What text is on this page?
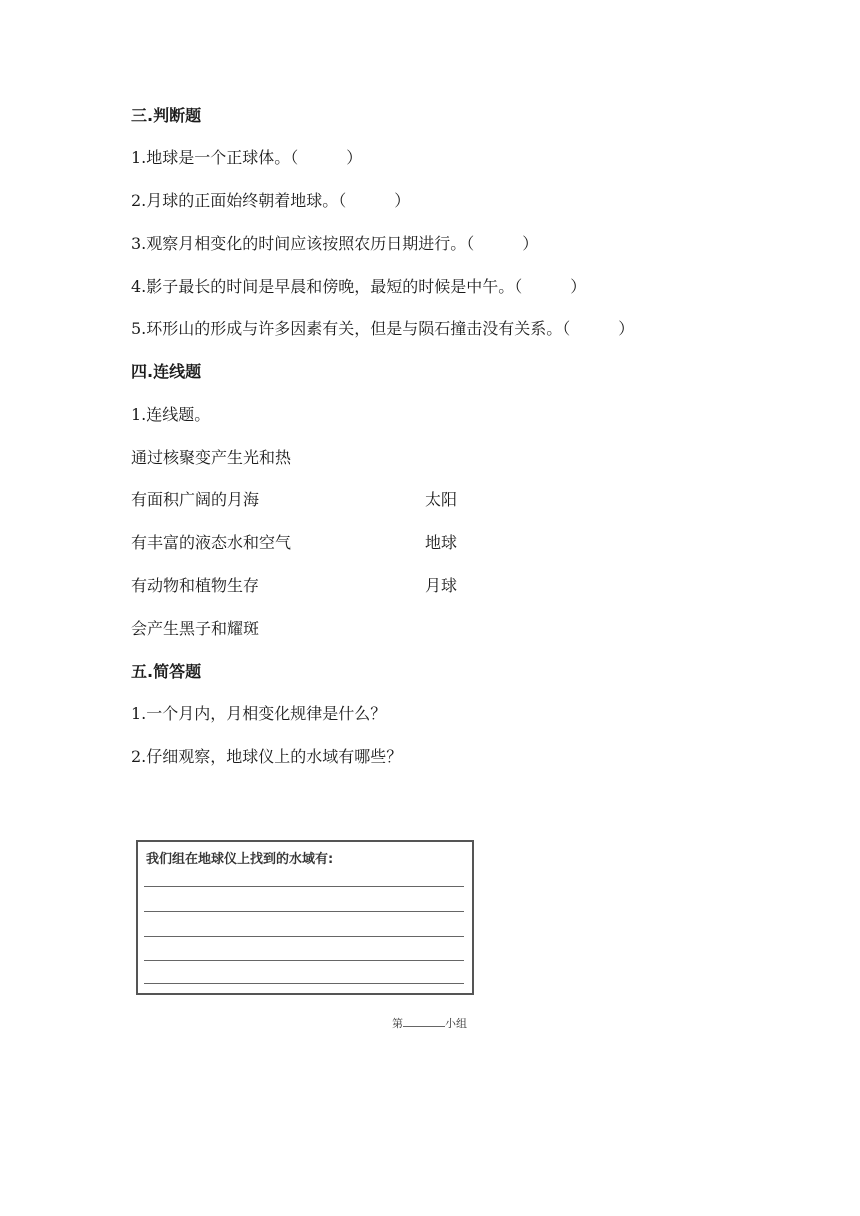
三.判断题
1.地球是一个正球体。（　　　）
2.月球的正面始终朝着地球。（　　　）
3.观察月相变化的时间应该按照农历日期进行。（　　　）
4.影子最长的时间是早晨和傍晚，最短的时候是中午。（　　　）
5.环形山的形成与许多因素有关，但是与陨石撞击没有关系。（　　　）
四.连线题
1.连线题。
通过核聚变产生光和热
有面积广阔的月海
有丰富的液态水和空气
有动物和植物生存
会产生黑子和耀斑
太阳
地球
月球
五.简答题
1.一个月内，月相变化规律是什么？
2.仔细观察，地球仪上的水域有哪些？
我们组在地球仪上找到的水域有:
第	小组
